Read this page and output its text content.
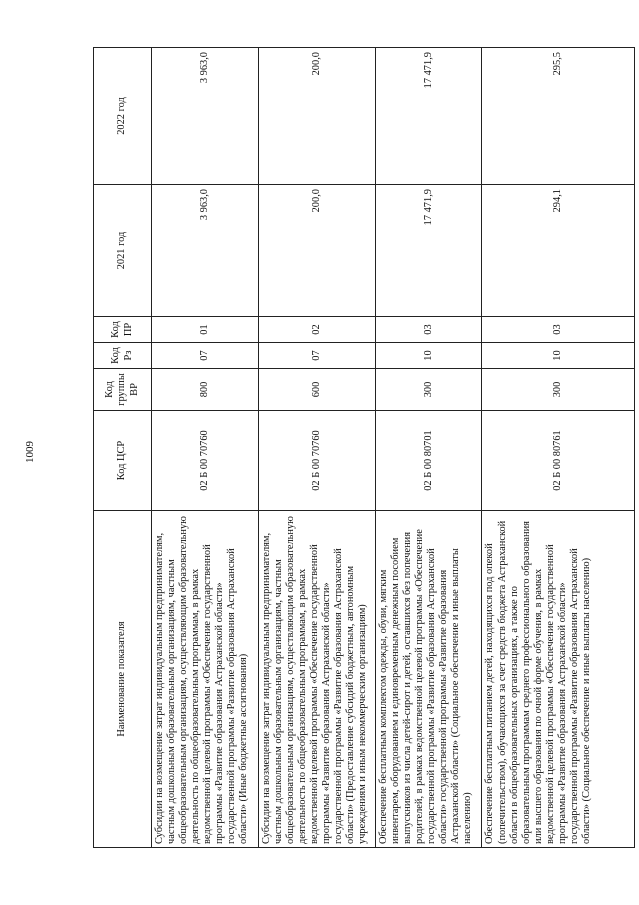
1009
Наименование показателя	Код ЦСР	Код группы ВР	Код Рз	Код ПР	2021 год	2022 год
Субсидии на возмещение затрат индивидуальным предпринимателям, частным дошкольным образовательным организациям, частным общеобразовательным организациям, осуществляющим образовательную деятельность по общеобразовательным программам, в рамках ведомственной целевой программы «Обеспечение государственной программы «Развитие образования Астраханской области» государственной программы «Развитие образования Астраханской области» (Иные бюджетные ассигнования)	02 Б 00 70760	800	07	01	3 963,0	3 963,0
Субсидии на возмещение затрат индивидуальным предпринимателям, частным дошкольным образовательным организациям, частным общеобразовательным организациям, осуществляющим образовательную деятельность по общеобразовательным программам, в рамках ведомственной целевой программы «Обеспечение государственной программы «Развитие образования Астраханской области» государственной программы «Развитие образования Астраханской области» (Предоставление субсидий бюджетным, автономным учреждениям и иным некоммерческим организациям)	02 Б 00 70760	600	07	02	200,0	200,0
Обеспечение бесплатным комплектом одежды, обуви, мягким инвентарем, оборудованием и единовременным денежным пособием выпускников из числа детей-сирот и детей, оставшихся без попечения родителей, в рамках ведомственной целевой программы «Обеспечение государственной программы «Развитие образования Астраханской области» государственной программы «Развитие образования Астраханской области» (Социальное обеспечение и иные выплаты населению)	02 Б 00 80701	300	10	03	17 471,9	17 471,9
Обеспечение бесплатным питанием детей, находящихся под опекой (попечительством), обучающихся за счет средств бюджета Астраханской области в общеобразовательных организациях, а также по образовательным программам среднего профессионального образования или высшего образования по очной форме обучения, в рамках ведомственной целевой программы «Обеспечение государственной программы «Развитие образования Астраханской области» государственной программы «Развитие образования Астраханской области» (Социальное обеспечение и иные выплаты населению)	02 Б 00 80761	300	10	03	294,1	295,5
